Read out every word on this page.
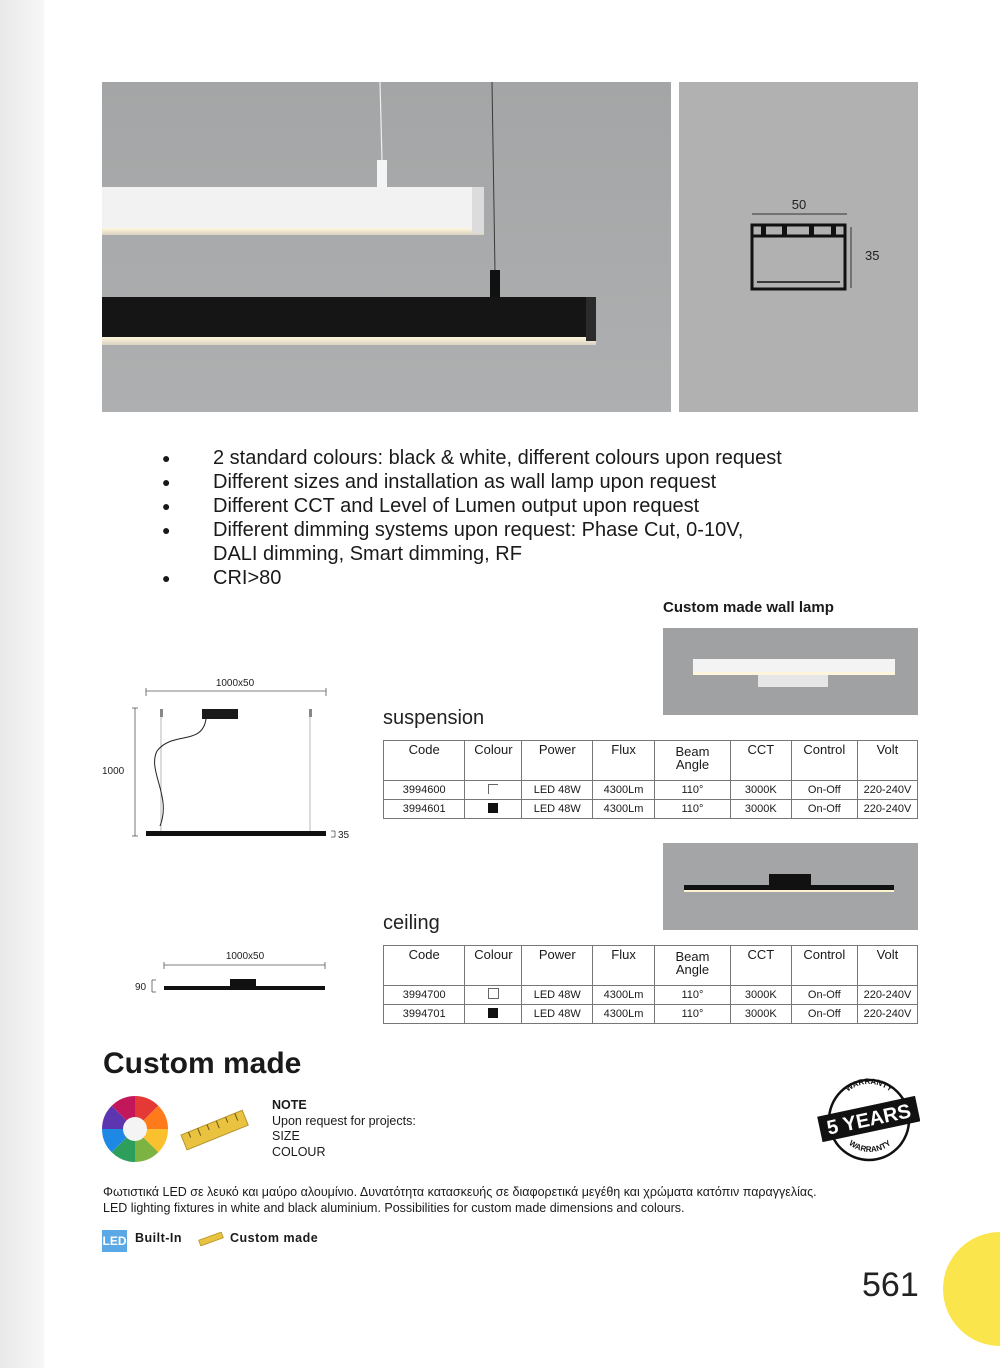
50
35
● 2 standard colours: black & white, different colours upon request
● Different sizes and installation as wall lamp upon request
● Different CCT and Level of Lumen output upon request
● Different dimming systems upon request: Phase Cut, 0-10V,
DALI dimming, Smart dimming, RF
● CRI>80
Custom made wall lamp
1000x50
1000
35
suspension
Code	Colour	Power	Flux	Beam Angle	CCT	Control	Volt
3994600		LED 48W	4300Lm	110°	3000K	On-Off	220-240V
3994601		LED 48W	4300Lm	110°	3000K	On-Off	220-240V
ceiling
1000x50
90
Code	Colour	Power	Flux	Beam Angle	CCT	Control	Volt
3994700		LED 48W	4300Lm	110°	3000K	On-Off	220-240V
3994701		LED 48W	4300Lm	110°	3000K	On-Off	220-240V
Custom made
NOTE
Upon request for projects:
SIZE
COLOUR
WARRANTY
5 YEARS
WARRANTY
Φωτιστικά LED σε λευκό και μαύρο αλουμίνιο. Δυνατότητα κατασκευής σε διαφορετικά μεγέθη και χρώματα κατόπιν παραγγελίας.
LED lighting fixtures in white and black aluminium. Possibilities for custom made dimensions and colours.
LED Built-In	Custom made
561
